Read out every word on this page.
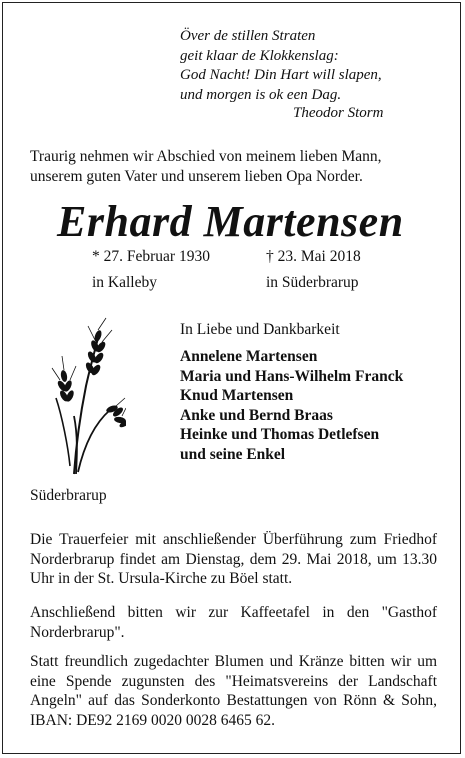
Över de stillen Straten
geit klaar de Klokkenslag:
God Nacht! Din Hart will slapen,
und morgen is ok een Dag.
Theodor Storm
Traurig nehmen wir Abschied von meinem lieben Mann,
unserem guten Vater und unserem lieben Opa Norder.
Erhard Martensen
* 27. Februar 1930
in Kalleby
† 23. Mai 2018
in Süderbrarup
In Liebe und Dankbarkeit
Annelene Martensen
Maria und Hans-Wilhelm Franck
Knud Martensen
Anke und Bernd Braas
Heinke und Thomas Detlefsen
und seine Enkel
Süderbrarup
Die Trauerfeier mit anschließender Überführung zum Friedhof Norderbrarup findet am Dienstag, dem 29. Mai 2018, um 13.30 Uhr in der St. Ursula-Kirche zu Böel statt.
Anschließend bitten wir zur Kaffeetafel in den "Gasthof Norderbrarup".
Statt freundlich zugedachter Blumen und Kränze bitten wir um eine Spende zugunsten des "Heimatsvereins der Landschaft Angeln" auf das Sonderkonto Bestattungen von Rönn & Sohn, IBAN: DE92 2169 0020 0028 6465 62.
